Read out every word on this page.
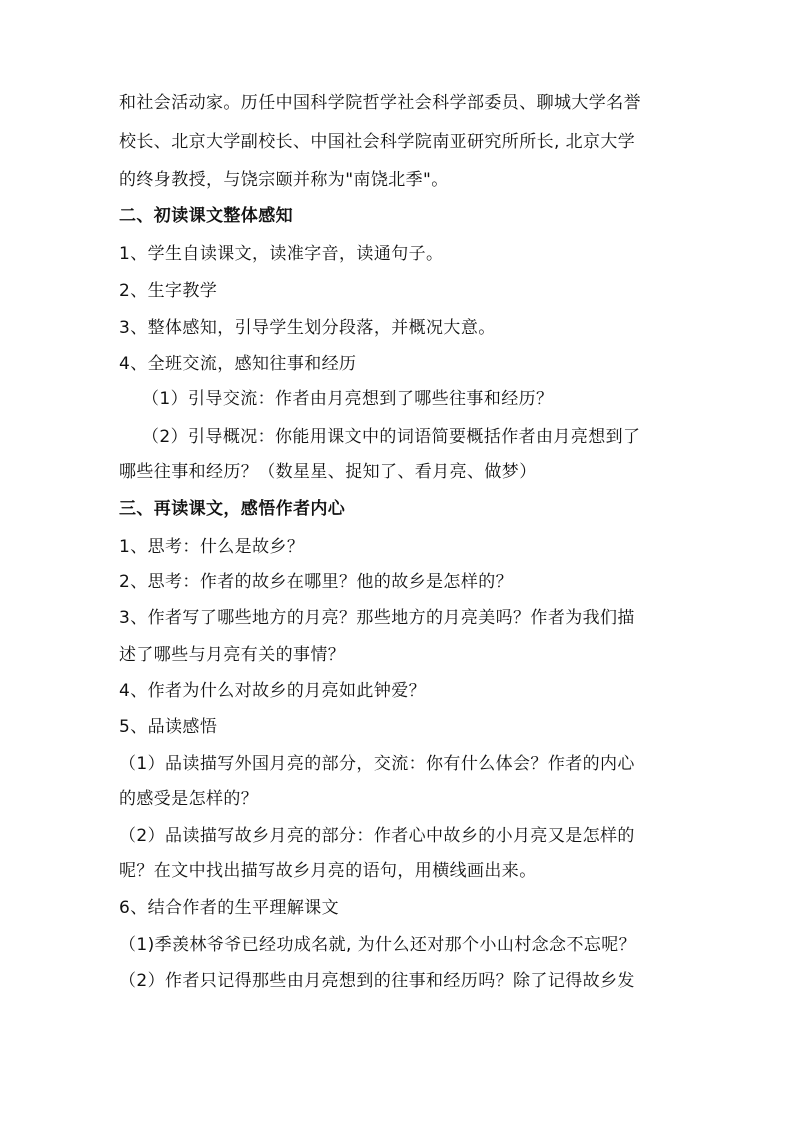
和社会活动家。历任中国科学院哲学社会科学部委员、聊城大学名誉
校长、北京大学副校长、中国社会科学院南亚研究所所长, 北京大学
的终身教授，与饶宗颐并称为"南饶北季"。
二、初读课文整体感知
1、学生自读课文，读准字音，读通句子。
2、生字教学
3、整体感知，引导学生划分段落，并概况大意。
4、全班交流，感知往事和经历
（1）引导交流：作者由月亮想到了哪些往事和经历？
（2）引导概况：你能用课文中的词语简要概括作者由月亮想到了
哪些往事和经历？（数星星、捉知了、看月亮、做梦）
三、再读课文，感悟作者内心
1、思考：什么是故乡？
2、思考：作者的故乡在哪里？他的故乡是怎样的？
3、作者写了哪些地方的月亮？那些地方的月亮美吗？作者为我们描
述了哪些与月亮有关的事情？
4、作者为什么对故乡的月亮如此钟爱？
5、品读感悟
（1）品读描写外国月亮的部分，交流：你有什么体会？作者的内心
的感受是怎样的？
（2）品读描写故乡月亮的部分：作者心中故乡的小月亮又是怎样的
呢？在文中找出描写故乡月亮的语句，用横线画出来。
6、结合作者的生平理解课文
（1)季羡林爷爷已经功成名就, 为什么还对那个小山村念念不忘呢？
（2）作者只记得那些由月亮想到的往事和经历吗？除了记得故乡发
